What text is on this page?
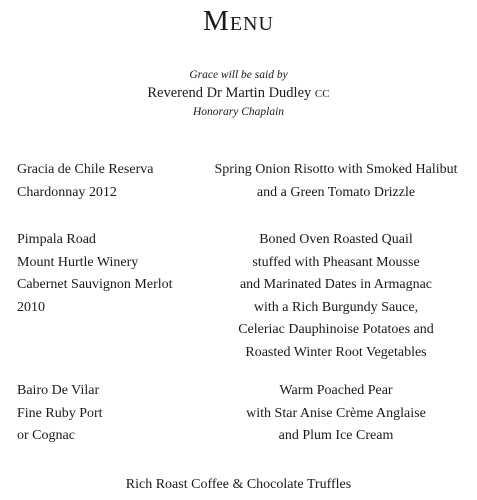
Menu
Grace will be said by
Reverend Dr Martin Dudley CC
Honorary Chaplain
Gracia de Chile Reserva
Chardonnay 2012
Spring Onion Risotto with Smoked Halibut
and a Green Tomato Drizzle
Pimpala Road
Mount Hurtle Winery
Cabernet Sauvignon Merlot
2010
Boned Oven Roasted Quail
stuffed with Pheasant Mousse
and Marinated Dates in Armagnac
with a Rich Burgundy Sauce,
Celeriac Dauphinoise Potatoes and
Roasted Winter Root Vegetables
Bairo De Vilar
Fine Ruby Port
or Cognac
Warm Poached Pear
with Star Anise Crème Anglaise
and Plum Ice Cream
Rich Roast Coffee & Chocolate Truffles
